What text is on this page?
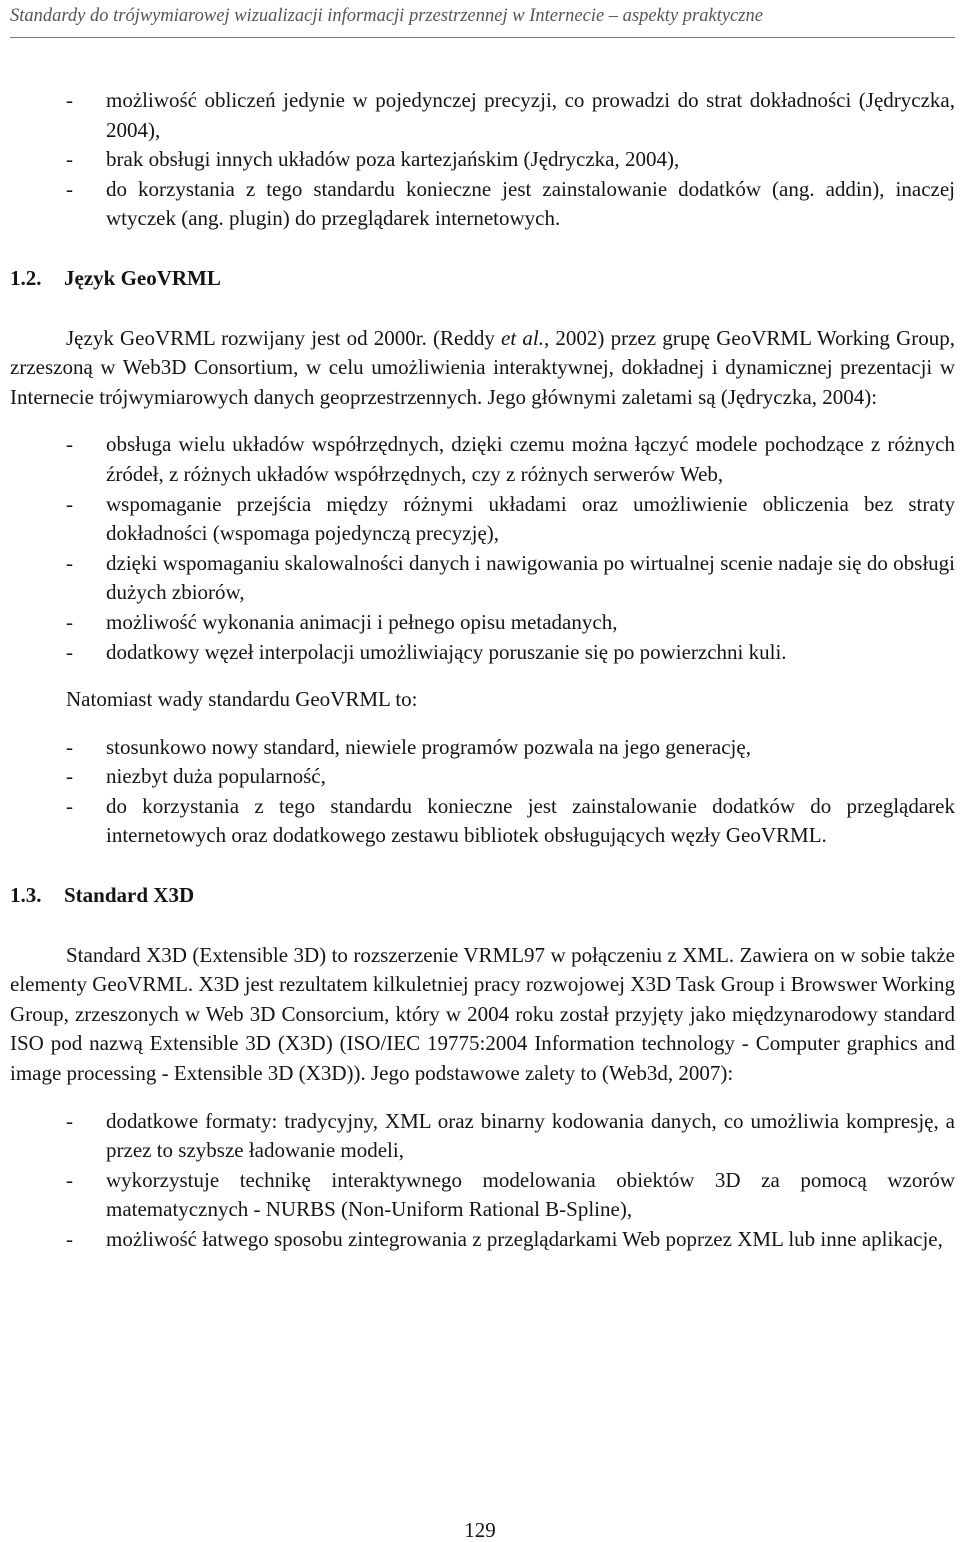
Standardy do trójwymiarowej wizualizacji informacji przestrzennej w Internecie – aspekty praktyczne
- możliwość obliczeń jedynie w pojedynczej precyzji, co prowadzi do strat dokładności (Jędryczka, 2004),
- brak obsługi innych układów poza kartezjańskim (Jędryczka, 2004),
- do korzystania z tego standardu konieczne jest zainstalowanie dodatków (ang. addin), inaczej wtyczek (ang. plugin) do przeglądarek internetowych.
1.2. Język GeoVRML

Język GeoVRML rozwijany jest od 2000r. (Reddy et al., 2002) przez grupę GeoVRML Working Group, zrzeszoną w Web3D Consortium, w celu umożliwienia interaktywnej, dokładnej i dynamicznej prezentacji w Internecie trójwymiarowych danych geoprzestrzennych. Jego głównymi zaletami są (Jędryczka, 2004):

- obsługa wielu układów współrzędnych, dzięki czemu można łączyć modele pochodzące z różnych źródeł, z różnych układów współrzędnych, czy z różnych serwerów Web,
- wspomaganie przejścia między różnymi układami oraz umożliwienie obliczenia bez straty dokładności (wspomaga pojedynczą precyzję),
- dzięki wspomaganiu skalowalności danych i nawigowania po wirtualnej scenie nadaje się do obsługi dużych zbiorów,
- możliwość wykonania animacji i pełnego opisu metadanych,
- dodatkowy węzeł interpolacji umożliwiający poruszanie się po powierzchni kuli.

Natomiast wady standardu GeoVRML to:

- stosunkowo nowy standard, niewiele programów pozwala na jego generację,
- niezbyt duża popularność,
- do korzystania z tego standardu konieczne jest zainstalowanie dodatków do przeglądarek internetowych oraz dodatkowego zestawu bibliotek obsługujących węzły GeoVRML.
1.3. Standard X3D

Standard X3D (Extensible 3D) to rozszerzenie VRML97 w połączeniu z XML. Zawiera on w sobie także elementy GeoVRML. X3D jest rezultatem kilkuletniej pracy rozwojowej X3D Task Group i Browswer Working Group, zrzeszonych w Web 3D Consorcium, który w 2004 roku został przyjęty jako międzynarodowy standard ISO pod nazwą Extensible 3D (X3D) (ISO/IEC 19775:2004 Information technology - Computer graphics and image processing - Extensible 3D (X3D)). Jego podstawowe zalety to (Web3d, 2007):

- dodatkowe formaty: tradycyjny, XML oraz binarny kodowania danych, co umożliwia kompresję, a przez to szybsze ładowanie modeli,
- wykorzystuje technikę interaktywnego modelowania obiektów 3D za pomocą wzorów matematycznych - NURBS (Non-Uniform Rational B-Spline),
- możliwość łatwego sposobu zintegrowania z przeglądarkami Web poprzez XML lub inne aplikacje,
129
